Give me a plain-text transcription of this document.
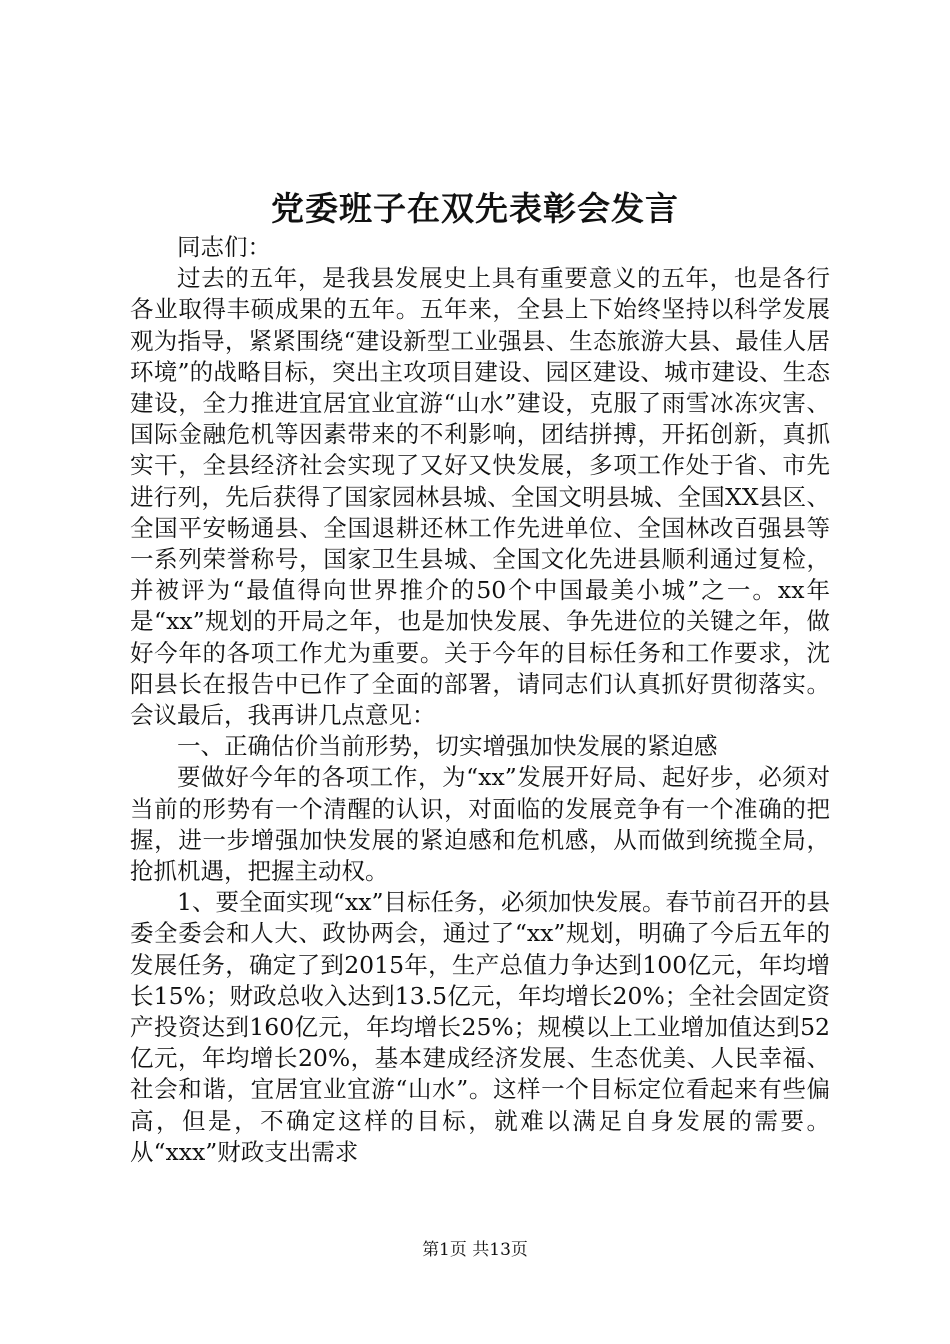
党委班子在双先表彰会发言

同志们：

过去的五年，是我县发展史上具有重要意义的五年，也是各行各业取得丰硕成果的五年。五年来，全县上下始终坚持以科学发展观为指导，紧紧围绕“建设新型工业强县、生态旅游大县、最佳人居环境”的战略目标，突出主攻项目建设、园区建设、城市建设、生态建设，全力推进宜居宜业宜游“山水”建设，克服了雨雪冰冻灾害、国际金融危机等因素带来的不利影响，团结拼搏，开拓创新，真抓实干，全县经济社会实现了又好又快发展，多项工作处于省、市先进行列，先后获得了国家园林县城、全国文明县城、全国XX县区、全国平安畅通县、全国退耕还林工作先进单位、全国林改百强县等一系列荣誉称号，国家卫生县城、全国文化先进县顺利通过复检，并被评为“最值得向世界推介的50个中国最美小城”之一。xx年是“xx”规划的开局之年，也是加快发展、争先进位的关键之年，做好今年的各项工作尤为重要。关于今年的目标任务和工作要求，沈阳县长在报告中已作了全面的部署，请同志们认真抓好贯彻落实。会议最后，我再讲几点意见：

一、正确估价当前形势，切实增强加快发展的紧迫感

要做好今年的各项工作，为“xx”发展开好局、起好步，必须对当前的形势有一个清醒的认识，对面临的发展竞争有一个准确的把握，进一步增强加快发展的紧迫感和危机感，从而做到统揽全局，抢抓机遇，把握主动权。

1、要全面实现“xx”目标任务，必须加快发展。春节前召开的县委全委会和人大、政协两会，通过了“xx”规划，明确了今后五年的发展任务，确定了到2015年，生产总值力争达到100亿元，年均增长15%；财政总收入达到13.5亿元，年均增长20%；全社会固定资产投资达到160亿元，年均增长25%；规模以上工业增加值达到52亿元，年均增长20%，基本建成经济发展、生态优美、人民幸福、社会和谐，宜居宜业宜游“山水”。这样一个目标定位看起来有些偏高，但是，不确定这样的目标，就难以满足自身发展的需要。从“xxx”财政支出需求

第1页 共13页
